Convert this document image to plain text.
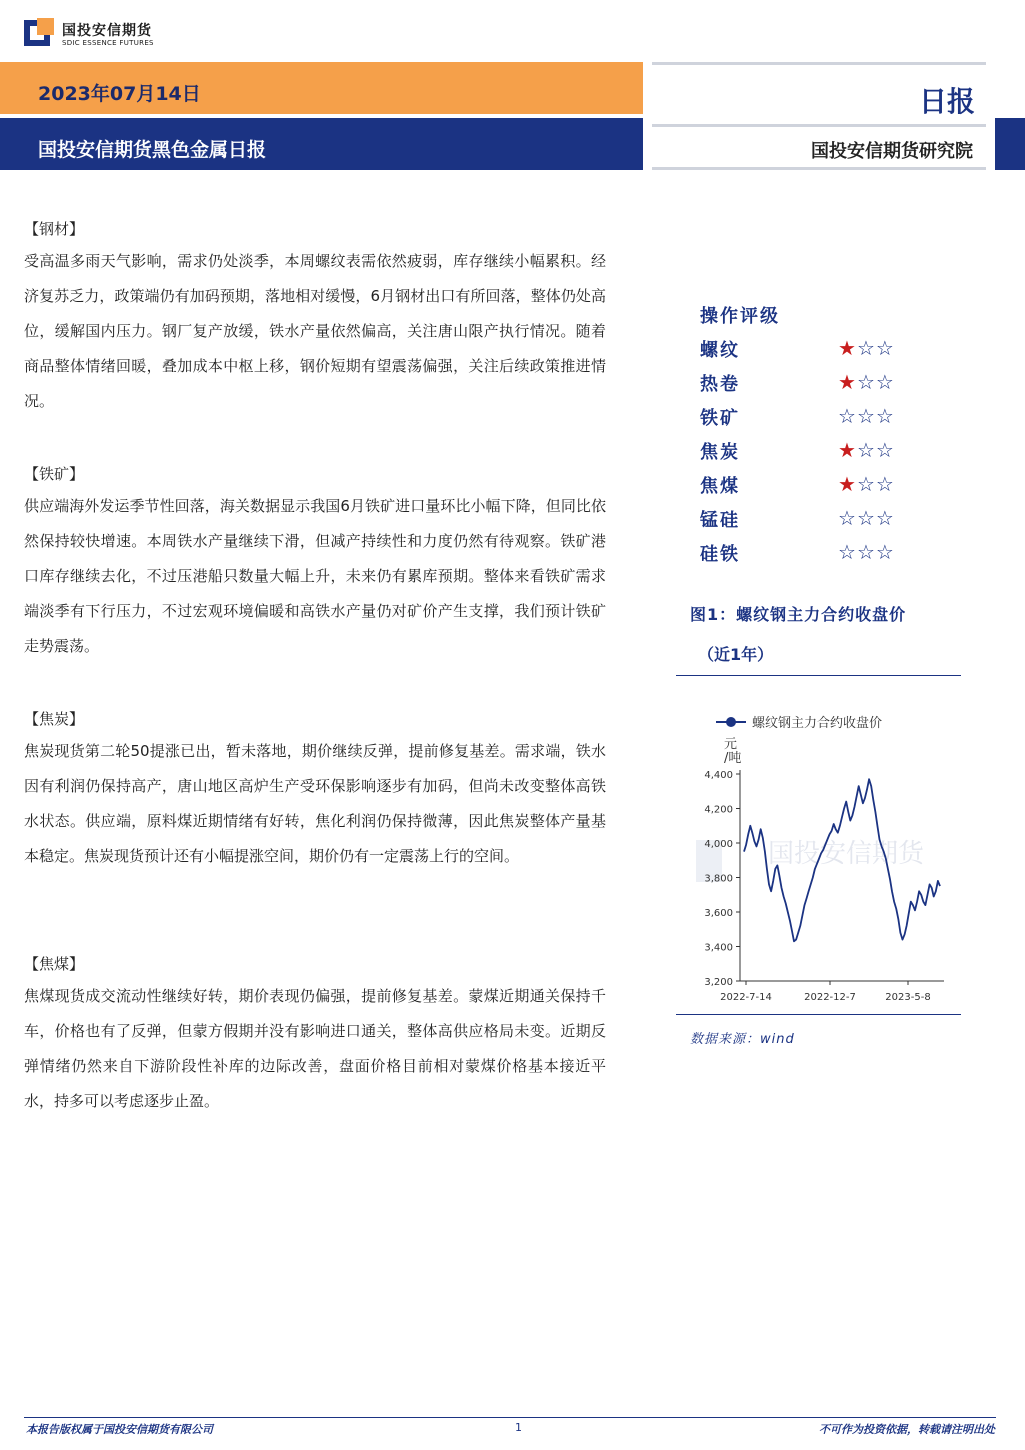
国投安信期货
SDIC ESSENCE FUTURES
2023年07月14日
国投安信期货黑色金属日报
日报
国投安信期货研究院
【钢材】
受高温多雨天气影响，需求仍处淡季，本周螺纹表需依然疲弱，库存继续小幅累积。经济复苏乏力，政策端仍有加码预期，落地相对缓慢，6月钢材出口有所回落，整体仍处高位，缓解国内压力。钢厂复产放缓，铁水产量依然偏高，关注唐山限产执行情况。随着商品整体情绪回暖，叠加成本中枢上移，钢价短期有望震荡偏强，关注后续政策推进情况。
【铁矿】
供应端海外发运季节性回落，海关数据显示我国6月铁矿进口量环比小幅下降，但同比依然保持较快增速。本周铁水产量继续下滑，但减产持续性和力度仍然有待观察。铁矿港口库存继续去化，不过压港船只数量大幅上升，未来仍有累库预期。整体来看铁矿需求端淡季有下行压力，不过宏观环境偏暖和高铁水产量仍对矿价产生支撑，我们预计铁矿走势震荡。
【焦炭】
焦炭现货第二轮50提涨已出，暂未落地，期价继续反弹，提前修复基差。需求端，铁水因有利润仍保持高产，唐山地区高炉生产受环保影响逐步有加码，但尚未改变整体高铁水状态。供应端，原料煤近期情绪有好转，焦化利润仍保持微薄，因此焦炭整体产量基本稳定。焦炭现货预计还有小幅提涨空间，期价仍有一定震荡上行的空间。
【焦煤】
焦煤现货成交流动性继续好转，期价表现仍偏强，提前修复基差。蒙煤近期通关保持千车，价格也有了反弹，但蒙方假期并没有影响进口通关，整体高供应格局未变。近期反弹情绪仍然来自下游阶段性补库的边际改善，盘面价格目前相对蒙煤价格基本接近平水，持多可以考虑逐步止盈。
操作评级
螺纹	★☆☆
热卷	★☆☆
铁矿	☆☆☆
焦炭	★☆☆
焦煤	★☆☆
锰硅	☆☆☆
硅铁	☆☆☆
图1：螺纹钢主力合约收盘价
（近1年）
国投安信期货
螺纹钢主力合约收盘价
元
/吨
4,400
4,200
4,000
3,800
3,600
3,400
3,200
2022-7-14	2022-12-7	2023-5-8
数据来源：wind
本报告版权属于国投安信期货有限公司	1	不可作为投资依据，转载请注明出处
